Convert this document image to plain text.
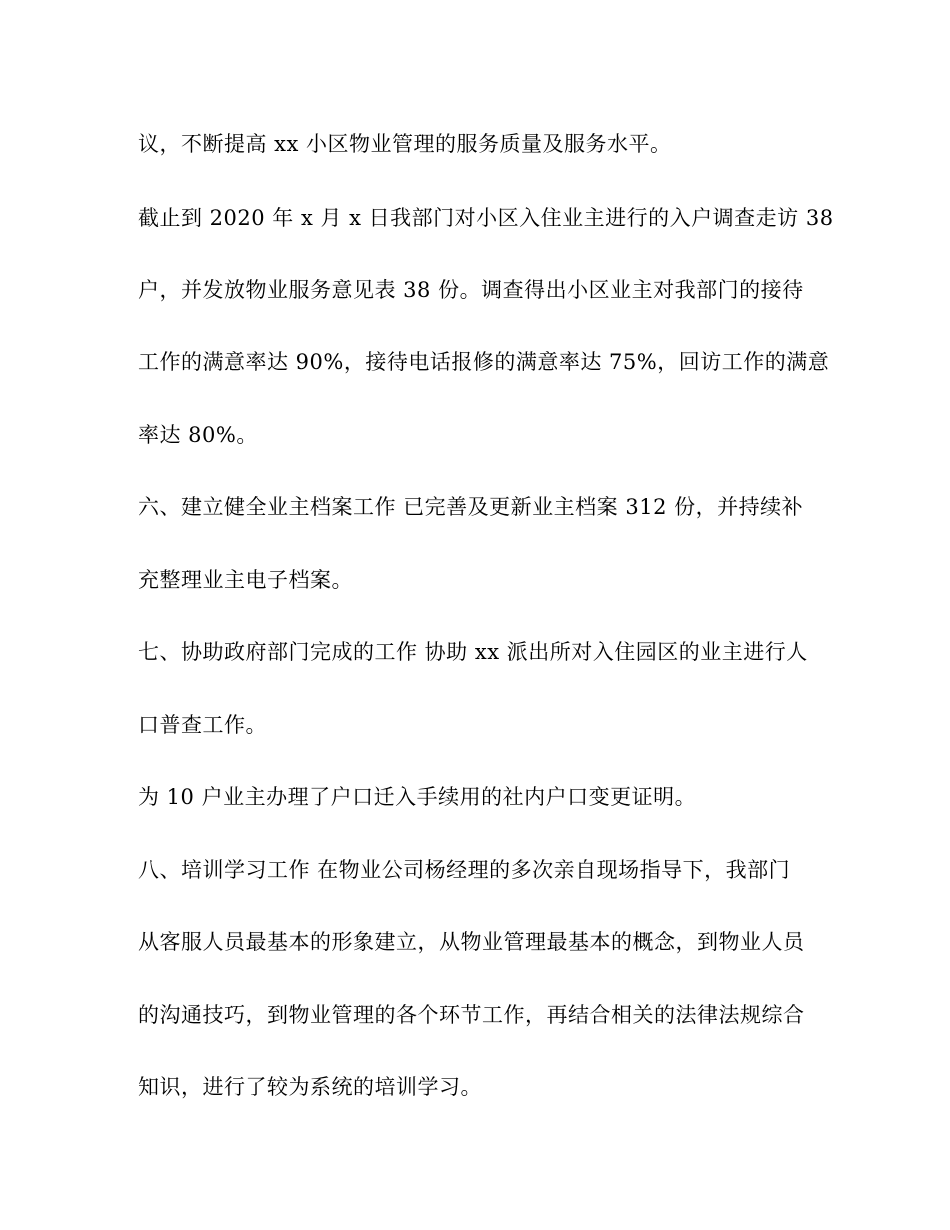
议，不断提高 xx 小区物业管理的服务质量及服务水平。

截止到 2020 年 x 月 x 日我部门对小区入住业主进行的入户调查走访 38

户，并发放物业服务意见表 38 份。调查得出小区业主对我部门的接待

工作的满意率达 90%，接待电话报修的满意率达 75%，回访工作的满意

率达 80%。

六、建立健全业主档案工作 已完善及更新业主档案 312 份，并持续补

充整理业主电子档案。

七、协助政府部门完成的工作 协助 xx 派出所对入住园区的业主进行人

口普查工作。

为 10 户业主办理了户口迁入手续用的社内户口变更证明。

八、培训学习工作 在物业公司杨经理的多次亲自现场指导下，我部门

从客服人员最基本的形象建立，从物业管理最基本的概念，到物业人员

的沟通技巧，到物业管理的各个环节工作，再结合相关的法律法规综合

知识，进行了较为系统的培训学习。
